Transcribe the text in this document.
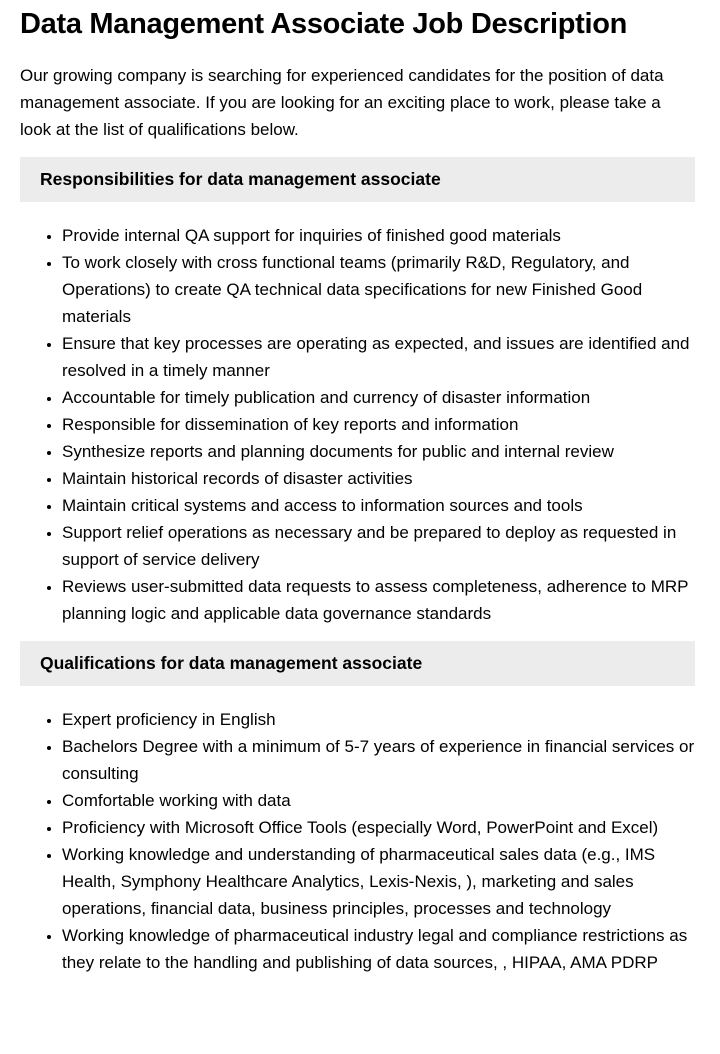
Data Management Associate Job Description

Our growing company is searching for experienced candidates for the position of data management associate. If you are looking for an exciting place to work, please take a look at the list of qualifications below.

Responsibilities for data management associate
• Provide internal QA support for inquiries of finished good materials
• To work closely with cross functional teams (primarily R&D, Regulatory, and Operations) to create QA technical data specifications for new Finished Good materials
• Ensure that key processes are operating as expected, and issues are identified and resolved in a timely manner
• Accountable for timely publication and currency of disaster information
• Responsible for dissemination of key reports and information
• Synthesize reports and planning documents for public and internal review
• Maintain historical records of disaster activities
• Maintain critical systems and access to information sources and tools
• Support relief operations as necessary and be prepared to deploy as requested in support of service delivery
• Reviews user-submitted data requests to assess completeness, adherence to MRP planning logic and applicable data governance standards
Qualifications for data management associate
• Expert proficiency in English
• Bachelors Degree with a minimum of 5-7 years of experience in financial services or consulting
• Comfortable working with data
• Proficiency with Microsoft Office Tools (especially Word, PowerPoint and Excel)
• Working knowledge and understanding of pharmaceutical sales data (e.g., IMS Health, Symphony Healthcare Analytics, Lexis-Nexis, ), marketing and sales operations, financial data, business principles, processes and technology
• Working knowledge of pharmaceutical industry legal and compliance restrictions as they relate to the handling and publishing of data sources, , HIPAA, AMA PDRP
